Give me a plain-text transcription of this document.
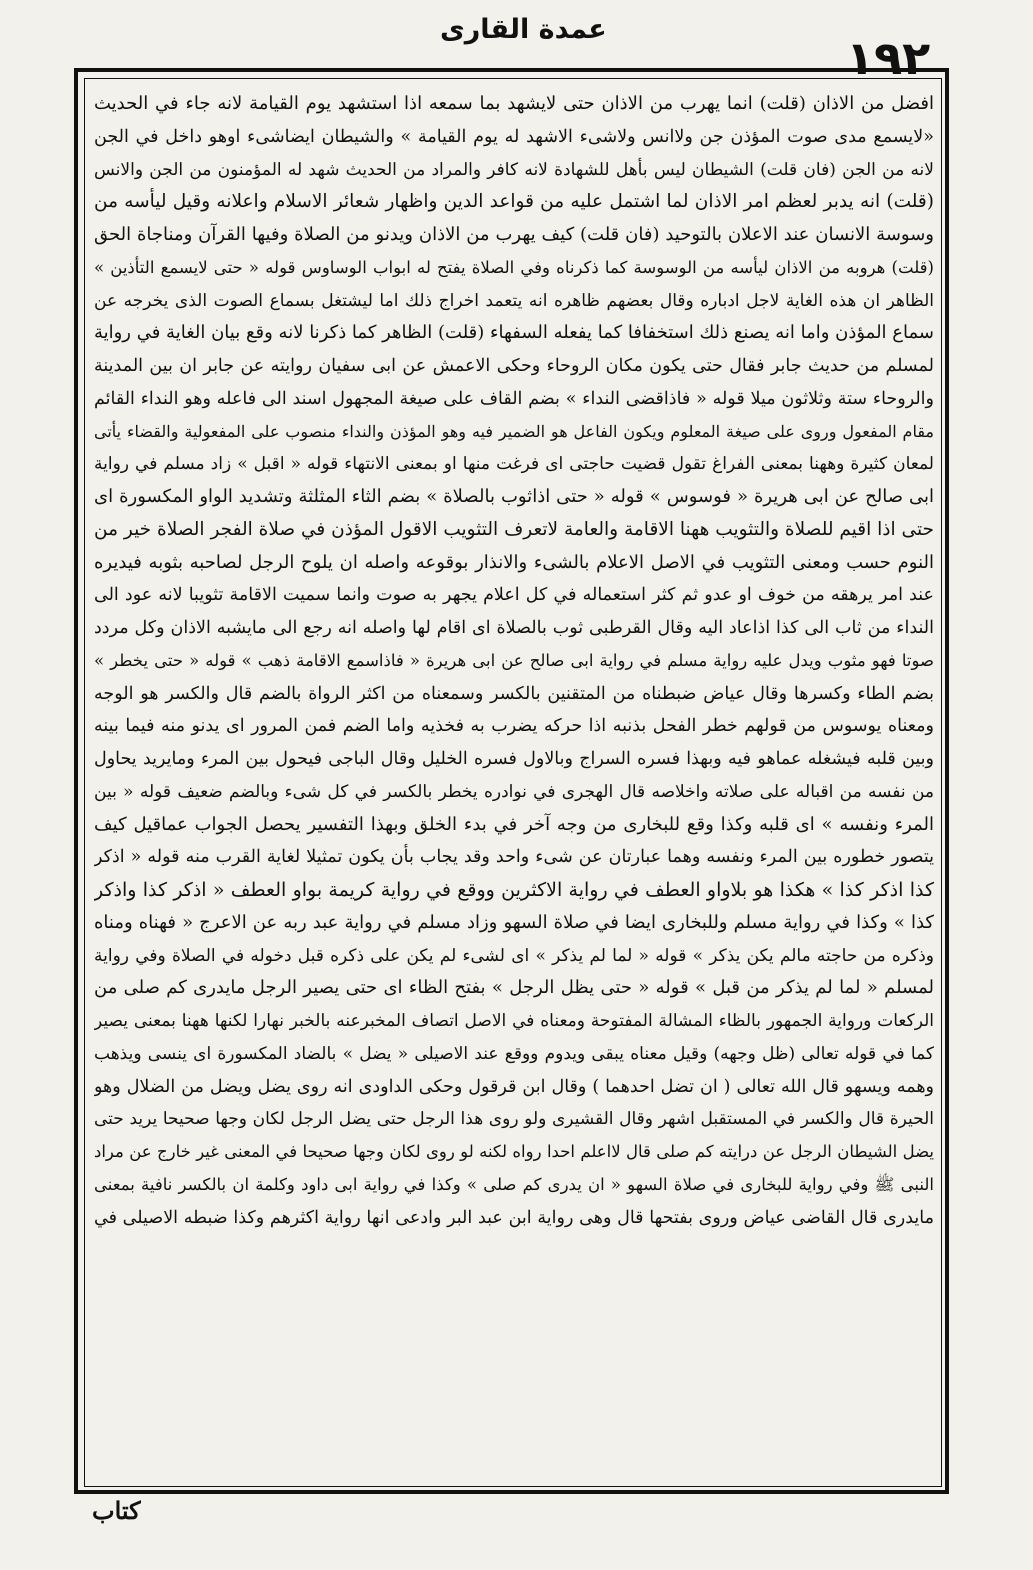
عمدة القارى
١٩٢
افضل من الاذان (قلت) انما يهرب من الاذان حتى لايشهد بما سمعه اذا استشهد يوم القيامة لانه جاء في الحديث
«لايسمع مدى صوت المؤذن جن ولاانس ولاشىء الاشهد له يوم القيامة » والشيطان ايضاشىء اوهو داخل في الجن
لانه من الجن (فان قلت) الشيطان ليس بأهل للشهادة لانه كافر والمراد من الحديث شهد له المؤمنون من الجن والانس
(قلت) انه يدبر لعظم امر الاذان لما اشتمل عليه من قواعد الدين واظهار شعائر الاسلام واعلانه وقيل ليأسه من
وسوسة الانسان عند الاعلان بالتوحيد (فان قلت) كيف يهرب من الاذان ويدنو من الصلاة وفيها القرآن ومناجاة الحق
(قلت) هروبه من الاذان ليأسه من الوسوسة كما ذكرناه وفي الصلاة يفتح له ابواب الوساوس قوله « حتى لايسمع التأذين »
الظاهر ان هذه الغاية لاجل ادباره وقال بعضهم ظاهره انه يتعمد اخراج ذلك اما ليشتغل بسماع الصوت الذى يخرجه عن
سماع المؤذن واما انه يصنع ذلك استخفافا كما يفعله السفهاء (قلت) الظاهر كما ذكرنا لانه وقع بيان الغاية في رواية
لمسلم من حديث جابر فقال حتى يكون مكان الروحاء وحكى الاعمش عن ابى سفيان روايته عن جابر ان بين المدينة
والروحاء ستة وثلاثون ميلا قوله « فاذاقضى النداء » بضم القاف على صيغة المجهول اسند الى فاعله وهو النداء القائم
مقام المفعول وروى على صيغة المعلوم ويكون الفاعل هو الضمير فيه وهو المؤذن والنداء منصوب على المفعولية والقضاء يأتى
لمعان كثيرة وههنا بمعنى الفراغ تقول قضيت حاجتى اى فرغت منها او بمعنى الانتهاء قوله « اقبل » زاد مسلم في رواية
ابى صالح عن ابى هريرة « فوسوس » قوله « حتى اذاثوب بالصلاة » بضم الثاء المثلثة وتشديد الواو المكسورة اى
حتى اذا اقيم للصلاة والتثويب ههنا الاقامة والعامة لاتعرف التثويب الاقول المؤذن في صلاة الفجر الصلاة خير من
النوم حسب ومعنى التثويب في الاصل الاعلام بالشىء والانذار بوقوعه واصله ان يلوح الرجل لصاحبه بثوبه فيديره
عند امر يرهقه من خوف او عدو ثم كثر استعماله في كل اعلام يجهر به صوت وانما سميت الاقامة تثويبا لانه عود الى
النداء من ثاب الى كذا اذاعاد اليه وقال القرطبى ثوب بالصلاة اى اقام لها واصله انه رجع الى مايشبه الاذان وكل مردد
صوتا فهو مثوب ويدل عليه رواية مسلم في رواية ابى صالح عن ابى هريرة « فاذاسمع الاقامة ذهب » قوله « حتى يخطر »
بضم الطاء وكسرها وقال عياض ضبطناه من المتقنين بالكسر وسمعناه من اكثر الرواة بالضم قال والكسر هو الوجه
ومعناه يوسوس من قولهم خطر الفحل بذنبه اذا حركه يضرب به فخذيه واما الضم فمن المرور اى يدنو منه فيما بينه
وبين قلبه فيشغله عماهو فيه وبهذا فسره السراج وبالاول فسره الخليل وقال الباجى فيحول بين المرء ومايريد يحاول
من نفسه من اقباله على صلاته واخلاصه قال الهجرى في نوادره يخطر بالكسر في كل شىء وبالضم ضعيف قوله « بين
المرء ونفسه » اى قلبه وكذا وقع للبخارى من وجه آخر في بدء الخلق وبهذا التفسير يحصل الجواب عماقيل كيف
يتصور خطوره بين المرء ونفسه وهما عبارتان عن شىء واحد وقد يجاب بأن يكون تمثيلا لغاية القرب منه قوله « اذكر
كذا اذكر كذا » هكذا هو بلاواو العطف في رواية الاكثرين ووقع في رواية كريمة بواو العطف « اذكر كذا واذكر
كذا » وكذا في رواية مسلم وللبخارى ايضا في صلاة السهو وزاد مسلم في رواية عبد ربه عن الاعرج « فهناه ومناه
وذكره من حاجته مالم يكن يذكر » قوله « لما لم يذكر » اى لشىء لم يكن على ذكره قبل دخوله في الصلاة وفي رواية
لمسلم « لما لم يذكر من قبل » قوله « حتى يظل الرجل » بفتح الظاء اى حتى يصير الرجل مايدرى كم صلى من
الركعات ورواية الجمهور بالظاء المشالة المفتوحة ومعناه في الاصل اتصاف المخبرعنه بالخبر نهارا لكنها ههنا بمعنى يصير
كما في قوله تعالى (ظل وجهه) وقيل معناه يبقى ويدوم ووقع عند الاصيلى « يضل » بالضاد المكسورة اى ينسى ويذهب
وهمه ويسهو قال الله تعالى ( ان تضل احدهما ) وقال ابن قرقول وحكى الداودى انه روى يضل ويضل من الضلال وهو
الحيرة قال والكسر في المستقبل اشهر وقال القشيرى ولو روى هذا الرجل حتى يضل الرجل لكان وجها صحيحا يريد حتى
يضل الشيطان الرجل عن درايته كم صلى قال لااعلم احدا رواه لكنه لو روى لكان وجها صحيحا في المعنى غير خارج عن مراد
النبى ﷺ وفي رواية للبخارى في صلاة السهو « ان يدرى كم صلى » وكذا في رواية ابى داود وكلمة ان بالكسر نافية بمعنى
مايدرى قال القاضى عياض وروى بفتحها قال وهى رواية ابن عبد البر وادعى انها رواية اكثرهم وكذا ضبطه الاصيلى في
كتاب
